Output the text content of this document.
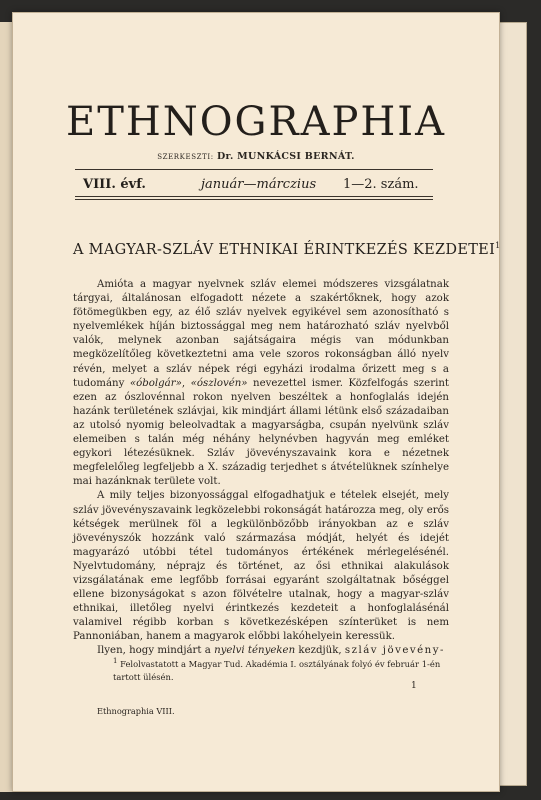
ETHNOGRAPHIA
SZERKESZTI: Dr. MUNKÁCSI BERNÁT.
VIII. évf.	január—márczius 1—2. szám.
A MAGYAR-SZLÁV ETHNIKAI ÉRINTKEZÉS KEZDETEI$^1$

Amióta a magyar nyelvnek szláv elemei módszeres vizsgálatnak tárgyai, általánosan elfogadott nézete a szakértőknek, hogy azok fötömegükben egy, az élő szláv nyelvek egyikével sem azonosítható s nyelvemlékek híján biztossággal meg nem határozható szláv nyelvből valók, melynek azonban sajátságaira mégis van módunkban megközelítőleg következtetni ama vele szoros rokonságban álló nyelv révén, melyet a szláv népek régi egyházi irodalma őrizett meg s a tudomány «óbolgár», «ószlovén» nevezettel ismer. Közfelfogás szerint ezen az ószlovénnal rokon nyelven beszéltek a honfoglalás idején hazánk területének szlávjai, kik mindjárt állami létünk első századaiban az utolsó nyomig beleolvadtak a magyarságba, csupán nyelvünk szláv elemeiben s talán még néhány helynévben hagyván meg emléket egykori létezésüknek. Szláv jövevényszavaink kora e nézetnek megfelelőleg legfeljebb a X. századig terjedhet s átvételüknek színhelye mai hazánknak területe volt.

A mily teljes bizonyossággal elfogadhatjuk e tételek elsejét, mely szláv jövevényszavaink legközelebbi rokonságát határozza meg, oly erős kétségek merülnek föl a legkülönbözőbb irányokban az e szláv jövevényszók hozzánk való származása módját, helyét és idejét magyarázó utóbbi tétel tudományos értékének mérlegelésénél. Nyelvtudomány, néprajz és történet, az ősi ethnikai alakulások vizsgálatának eme legfőbb forrásai egyaránt szolgáltatnak bőséggel ellene bizonyságokat s azon fölvételre utalnak, hogy a magyar-szláv ethnikai, illetőleg nyelvi érintkezés kezdeteit a honfoglalásénál valamivel régibb korban s következésképen színterüket is nem Pannoniában, hanem a magyarok előbbi lakóhelyein keressük.

Ilyen, hogy mindjárt a nyelvi tényeken kezdjük, szláv jövevény-

$^1$ Felolvastatott a Magyar Tud. Akadémia I. osztályának folyó év február 1-én tartott ülésén.
1
Ethnographia VIII.
